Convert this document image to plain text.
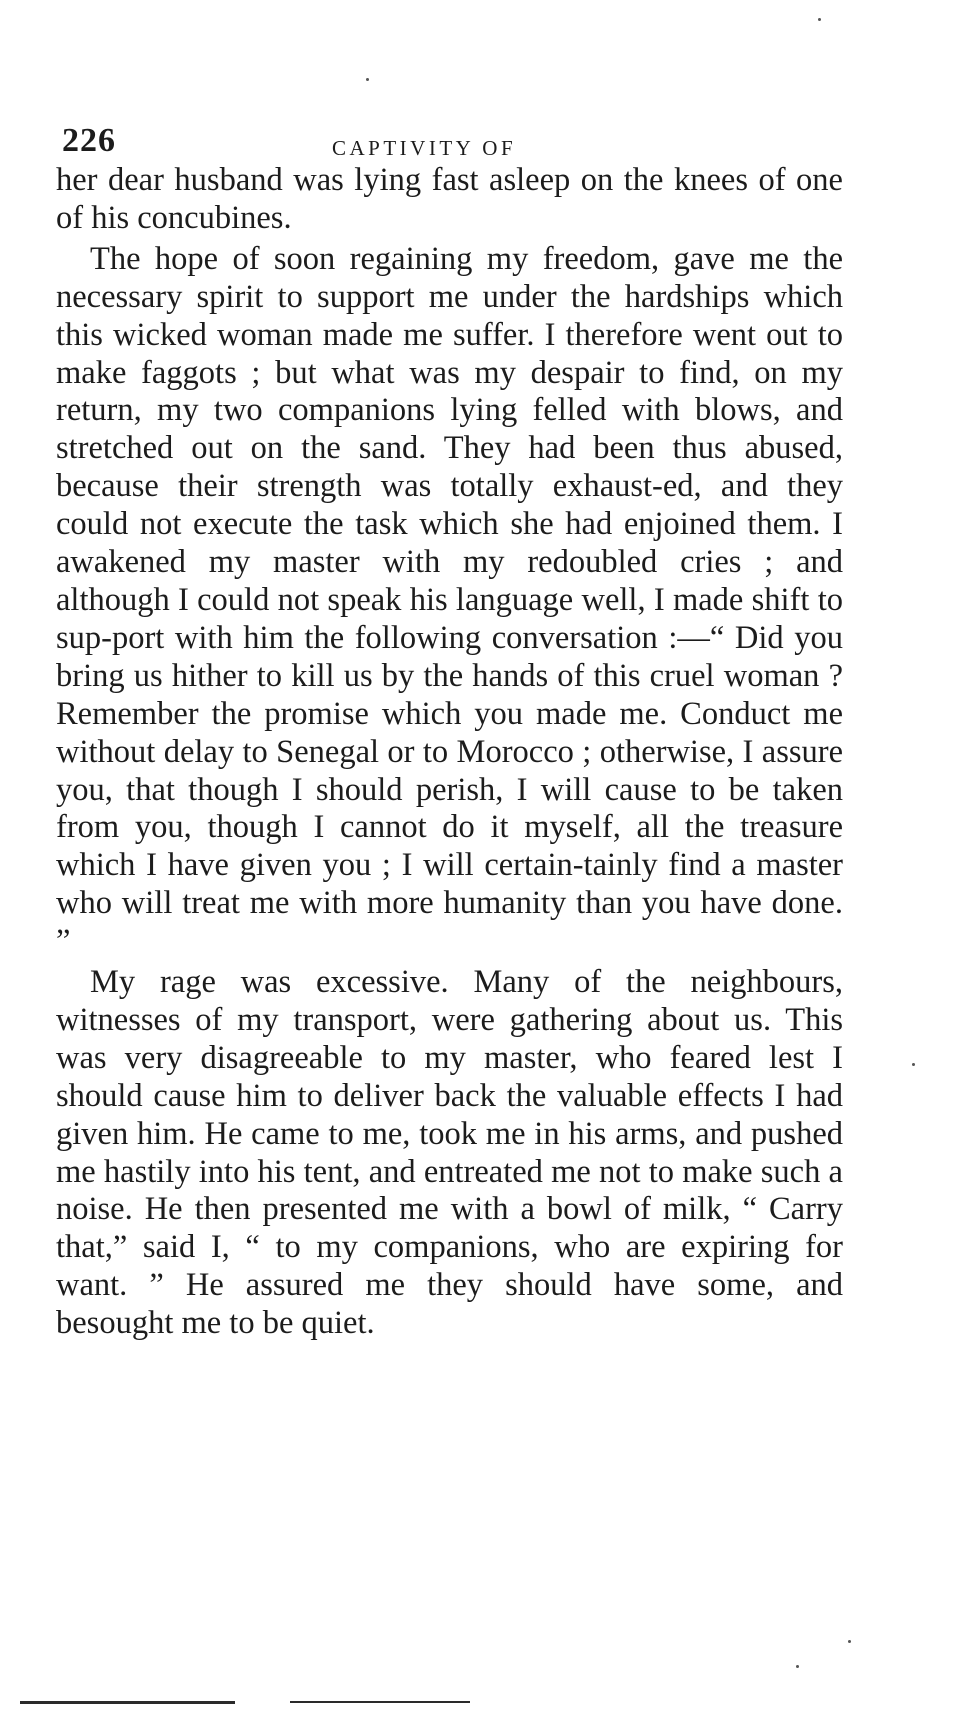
226	CAPTIVITY OF

her dear husband was lying fast asleep on the knees of one of his concubines.

The hope of soon regaining my freedom, gave me the necessary spirit to support me under the hardships which this wicked woman made me suffer. I therefore went out to make faggots ; but what was my despair to find, on my return, my two companions lying felled with blows, and stretched out on the sand. They had been thus abused, because their strength was totally exhaust-ed, and they could not execute the task which she had enjoined them. I awakened my master with my redoubled cries ; and although I could not speak his language well, I made shift to sup-port with him the following conversation :—“ Did you bring us hither to kill us by the hands of this cruel woman ? Remember the promise which you made me. Conduct me without delay to Senegal or to Morocco ; otherwise, I assure you, that though I should perish, I will cause to be taken from you, though I cannot do it myself, all the treasure which I have given you ; I will certain-tainly find a master who will treat me with more humanity than you have done. ”

My rage was excessive. Many of the neighbours, witnesses of my transport, were gathering about us. This was very disagreeable to my master, who feared lest I should cause him to deliver back the valuable effects I had given him. He came to me, took me in his arms, and pushed me hastily into his tent, and entreated me not to make such a noise. He then presented me with a bowl of milk, “ Carry that,” said I, “ to my companions, who are expiring for want. ” He assured me they should have some, and besought me to be quiet.
